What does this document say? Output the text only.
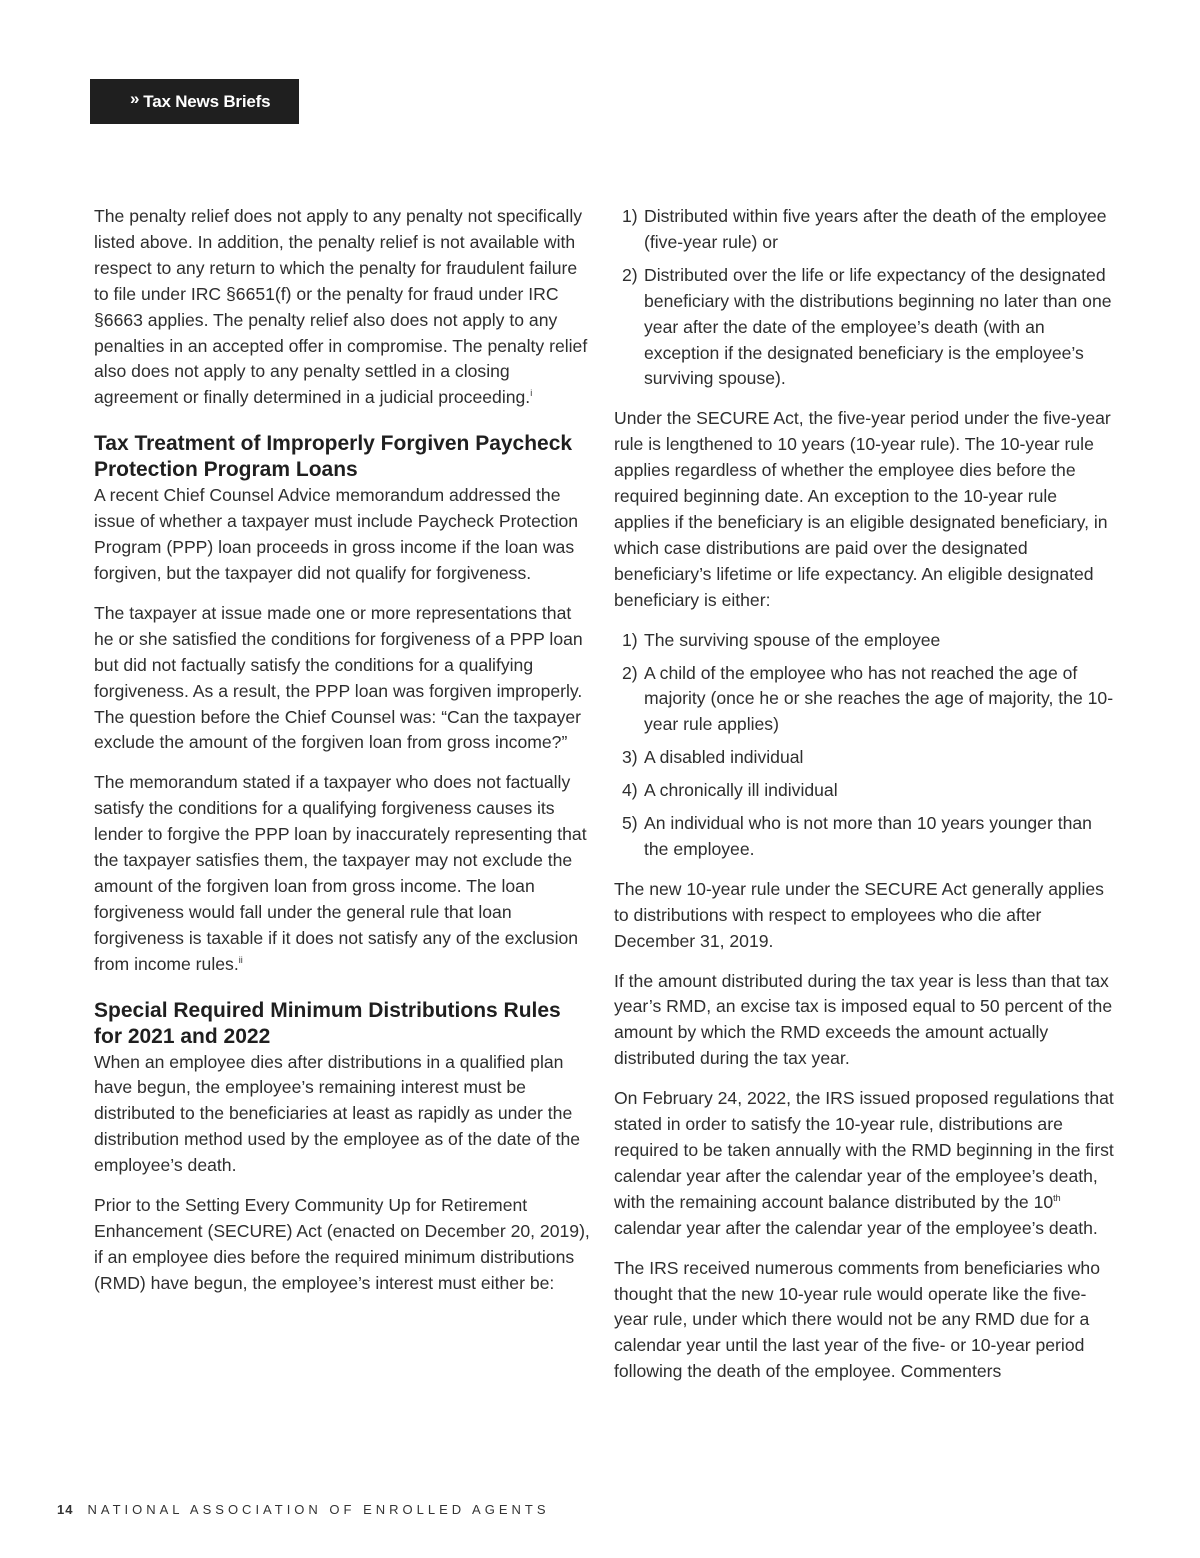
» Tax News Briefs

The penalty relief does not apply to any penalty not specifically listed above. In addition, the penalty relief is not available with respect to any return to which the penalty for fraudulent failure to file under IRC §6651(f) or the penalty for fraud under IRC §6663 applies. The penalty relief also does not apply to any penalties in an accepted offer in compromise. The penalty relief also does not apply to any penalty settled in a closing agreement or finally determined in a judicial proceeding.$^i$

Tax Treatment of Improperly Forgiven Paycheck Protection Program Loans

A recent Chief Counsel Advice memorandum addressed the issue of whether a taxpayer must include Paycheck Protection Program (PPP) loan proceeds in gross income if the loan was forgiven, but the taxpayer did not qualify for forgiveness.

The taxpayer at issue made one or more representations that he or she satisfied the conditions for forgiveness of a PPP loan but did not factually satisfy the conditions for a qualifying forgiveness. As a result, the PPP loan was forgiven improperly. The question before the Chief Counsel was: “Can the taxpayer exclude the amount of the forgiven loan from gross income?”

The memorandum stated if a taxpayer who does not factually satisfy the conditions for a qualifying forgiveness causes its lender to forgive the PPP loan by inaccurately representing that the taxpayer satisfies them, the taxpayer may not exclude the amount of the forgiven loan from gross income. The loan forgiveness would fall under the general rule that loan forgiveness is taxable if it does not satisfy any of the exclusion from income rules.$^{ii}$

Special Required Minimum Distributions Rules for 2021 and 2022

When an employee dies after distributions in a qualified plan have begun, the employee’s remaining interest must be distributed to the beneficiaries at least as rapidly as under the distribution method used by the employee as of the date of the employee’s death.

Prior to the Setting Every Community Up for Retirement Enhancement (SECURE) Act (enacted on December 20, 2019), if an employee dies before the required minimum distributions (RMD) have begun, the employee’s interest must either be:

1) Distributed within five years after the death of the employee (five-year rule) or
2) Distributed over the life or life expectancy of the designated beneficiary with the distributions beginning no later than one year after the date of the employee’s death (with an exception if the designated beneficiary is the employee’s surviving spouse).

Under the SECURE Act, the five-year period under the five-year rule is lengthened to 10 years (10-year rule). The 10-year rule applies regardless of whether the employee dies before the required beginning date. An exception to the 10-year rule applies if the beneficiary is an eligible designated beneficiary, in which case distributions are paid over the designated beneficiary’s lifetime or life expectancy. An eligible designated beneficiary is either:

1) The surviving spouse of the employee
2) A child of the employee who has not reached the age of majority (once he or she reaches the age of majority, the 10-year rule applies)
3) A disabled individual
4) A chronically ill individual
5) An individual who is not more than 10 years younger than the employee.

The new 10-year rule under the SECURE Act generally applies to distributions with respect to employees who die after December 31, 2019.

If the amount distributed during the tax year is less than that tax year’s RMD, an excise tax is imposed equal to 50 percent of the amount by which the RMD exceeds the amount actually distributed during the tax year.

On February 24, 2022, the IRS issued proposed regulations that stated in order to satisfy the 10-year rule, distributions are required to be taken annually with the RMD beginning in the first calendar year after the calendar year of the employee’s death, with the remaining account balance distributed by the 10th calendar year after the calendar year of the employee’s death.

The IRS received numerous comments from beneficiaries who thought that the new 10-year rule would operate like the five-year rule, under which there would not be any RMD due for a calendar year until the last year of the five- or 10-year period following the death of the employee. Commenters

14 NATIONAL ASSOCIATION OF ENROLLED AGENTS
